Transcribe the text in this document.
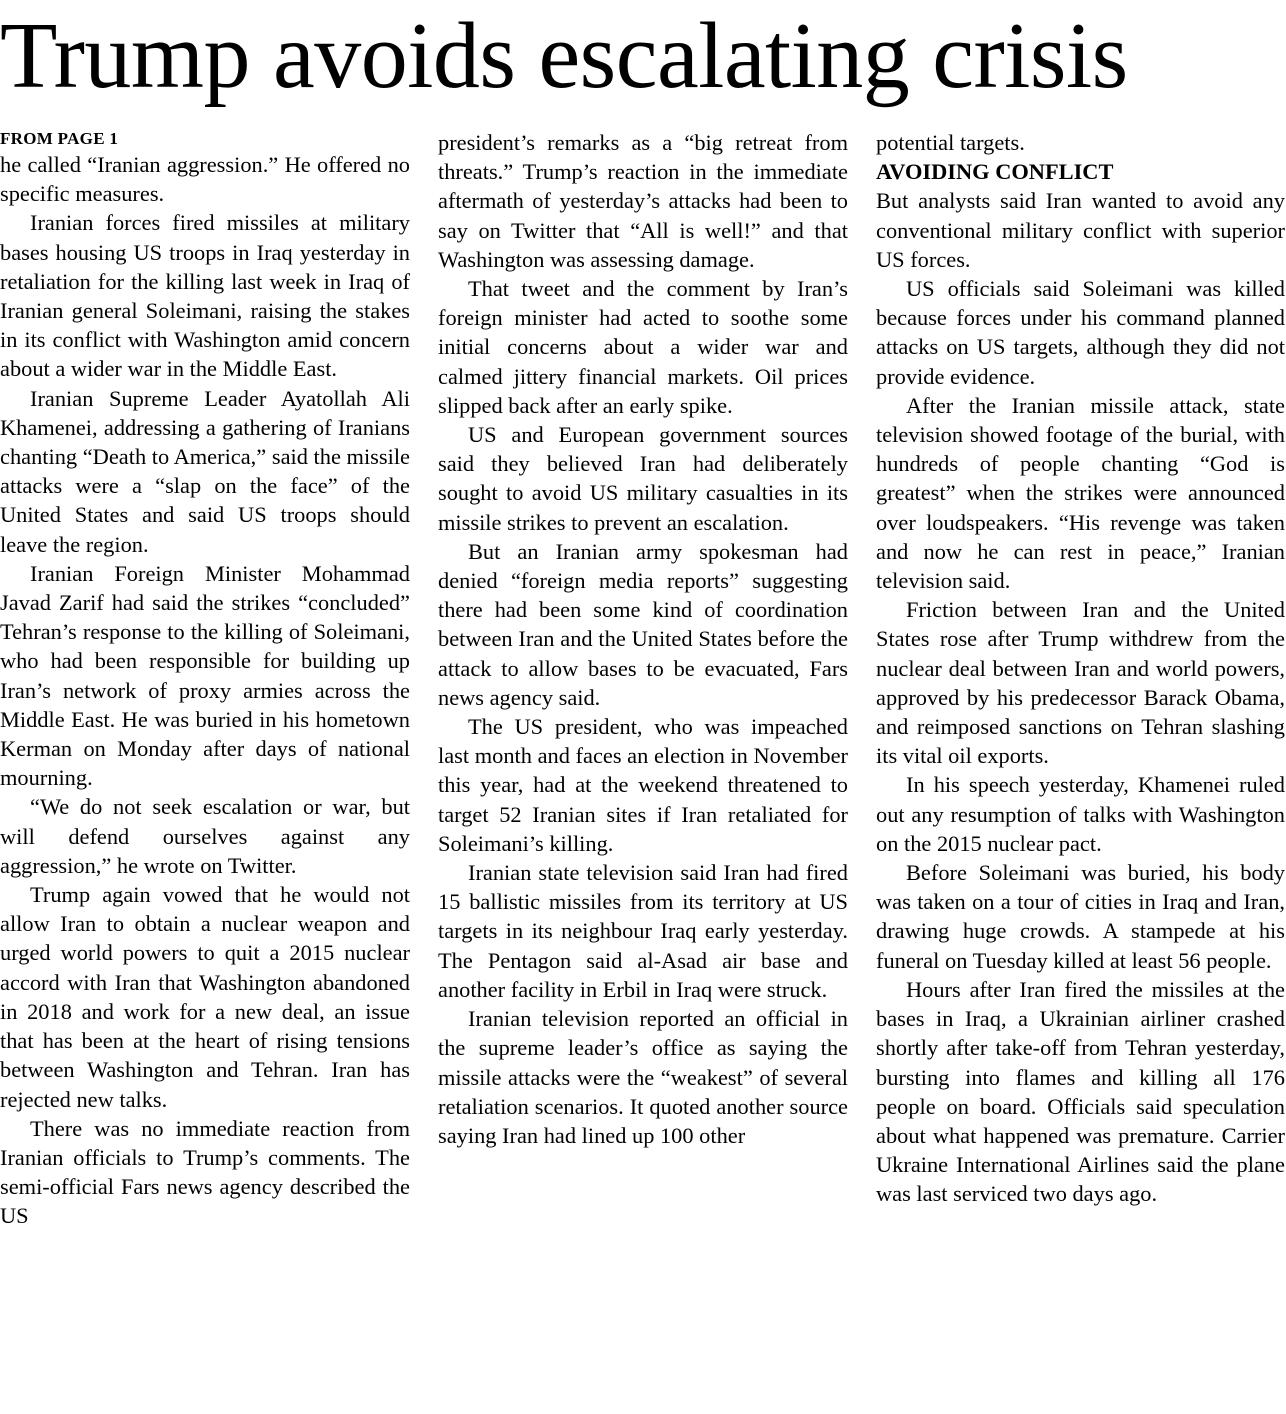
Trump avoids escalating crisis
FROM PAGE 1

he called “Iranian aggression.” He offered no specific measures.

Iranian forces fired missiles at military bases housing US troops in Iraq yesterday in retaliation for the killing last week in Iraq of Iranian general Soleimani, raising the stakes in its conflict with Washington amid concern about a wider war in the Middle East.

Iranian Supreme Leader Ayatollah Ali Khamenei, addressing a gathering of Iranians chanting “Death to America,” said the missile attacks were a “slap on the face” of the United States and said US troops should leave the region.

Iranian Foreign Minister Mohammad Javad Zarif had said the strikes “concluded” Tehran’s response to the killing of Soleimani, who had been responsible for building up Iran’s network of proxy armies across the Middle East. He was buried in his hometown Kerman on Monday after days of national mourning.

“We do not seek escalation or war, but will defend ourselves against any aggression,” he wrote on Twitter.

Trump again vowed that he would not allow Iran to obtain a nuclear weapon and urged world powers to quit a 2015 nuclear accord with Iran that Washington abandoned in 2018 and work for a new deal, an issue that has been at the heart of rising tensions between Washington and Tehran. Iran has rejected new talks.

There was no immediate reaction from Iranian officials to Trump’s comments. The semi-official Fars news agency described the US

president’s remarks as a “big retreat from threats.” Trump’s reaction in the immediate aftermath of yesterday’s attacks had been to say on Twitter that “All is well!” and that Washington was assessing damage.

That tweet and the comment by Iran’s foreign minister had acted to soothe some initial concerns about a wider war and calmed jittery financial markets. Oil prices slipped back after an early spike.

US and European government sources said they believed Iran had deliberately sought to avoid US military casualties in its missile strikes to prevent an escalation.

But an Iranian army spokesman had denied “foreign media reports” suggesting there had been some kind of coordination between Iran and the United States before the attack to allow bases to be evacuated, Fars news agency said.

The US president, who was impeached last month and faces an election in November this year, had at the weekend threatened to target 52 Iranian sites if Iran retaliated for Soleimani’s killing.

Iranian state television said Iran had fired 15 ballistic missiles from its territory at US targets in its neighbour Iraq early yesterday. The Pentagon said al-Asad air base and another facility in Erbil in Iraq were struck.

Iranian television reported an official in the supreme leader’s office as saying the missile attacks were the “weakest” of several retaliation scenarios. It quoted another source saying Iran had lined up 100 other

potential targets.

AVOIDING CONFLICT

But analysts said Iran wanted to avoid any conventional military conflict with superior US forces.

US officials said Soleimani was killed because forces under his command planned attacks on US targets, although they did not provide evidence.

After the Iranian missile attack, state television showed footage of the burial, with hundreds of people chanting “God is greatest” when the strikes were announced over loudspeakers. “His revenge was taken and now he can rest in peace,” Iranian television said.

Friction between Iran and the United States rose after Trump withdrew from the nuclear deal between Iran and world powers, approved by his predecessor Barack Obama, and reimposed sanctions on Tehran slashing its vital oil exports.

In his speech yesterday, Khamenei ruled out any resumption of talks with Washington on the 2015 nuclear pact.

Before Soleimani was buried, his body was taken on a tour of cities in Iraq and Iran, drawing huge crowds. A stampede at his funeral on Tuesday killed at least 56 people.

Hours after Iran fired the missiles at the bases in Iraq, a Ukrainian airliner crashed shortly after take-off from Tehran yesterday, bursting into flames and killing all 176 people on board. Officials said speculation about what happened was premature. Carrier Ukraine International Airlines said the plane was last serviced two days ago.
